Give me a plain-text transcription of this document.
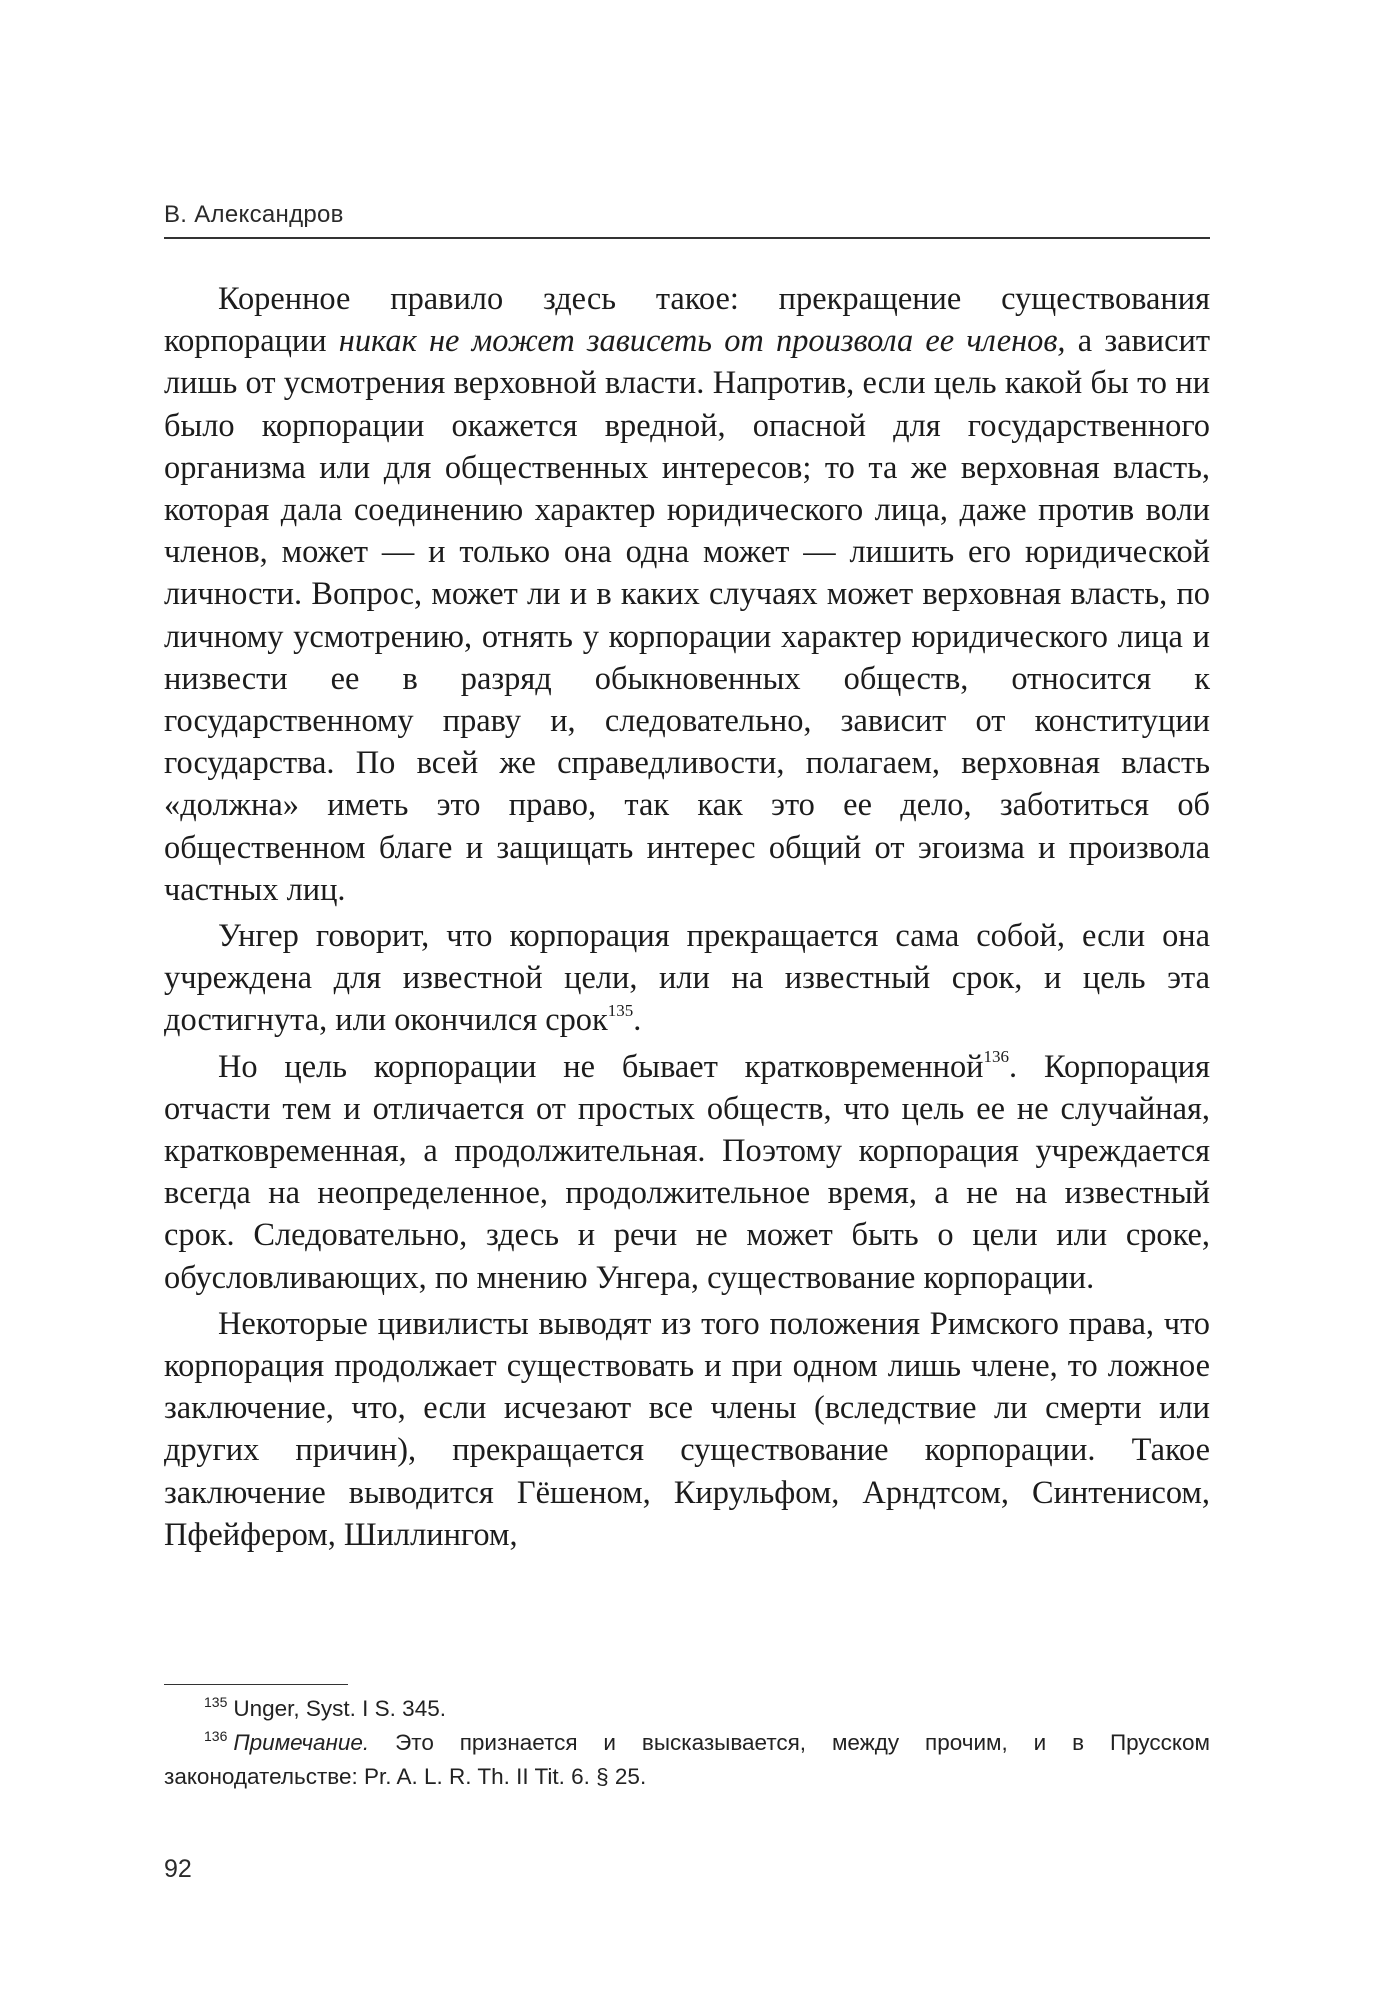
В. Александров

Коренное правило здесь такое: прекращение существования корпорации никак не может зависеть от произвола ее членов, а зависит лишь от усмотрения верховной власти. Напротив, если цель какой бы то ни было корпорации окажется вредной, опасной для государственного организма или для общественных интересов; то та же верховная власть, которая дала соединению характер юридического лица, даже против воли членов, может — и только она одна может — лишить его юридической личности. Вопрос, может ли и в каких случаях может верховная власть, по личному усмотрению, отнять у корпорации характер юридического лица и низвести ее в разряд обыкновенных обществ, относится к государственному праву и, следовательно, зависит от конституции государства. По всей же справедливости, полагаем, верховная власть «должна» иметь это право, так как это ее дело, заботиться об общественном благе и защищать интерес общий от эгоизма и произвола частных лиц.

Унгер говорит, что корпорация прекращается сама собой, если она учреждена для известной цели, или на известный срок, и цель эта достигнута, или окончился срок$^{135}$.

Но цель корпорации не бывает кратковременной$^{136}$. Корпорация отчасти тем и отличается от простых обществ, что цель ее не случайная, кратковременная, а продолжительная. Поэтому корпорация учреждается всегда на неопределенное, продолжительное время, а не на известный срок. Следовательно, здесь и речи не может быть о цели или сроке, обусловливающих, по мнению Унгера, существование корпорации.

Некоторые цивилисты выводят из того положения Римского права, что корпорация продолжает существовать и при одном лишь члене, то ложное заключение, что, если исчезают все члены (вследствие ли смерти или других причин), прекращается существование корпорации. Такое заключение выводится Гёшеном, Кирульфом, Арндтсом, Синтенисом, Пфейфером, Шиллингом,

$^{135}$ Unger, Syst. I S. 345.

$^{136}$ Примечание. Это признается и высказывается, между прочим, и в Прусском законодательстве: Pr. A. L. R. Th. II Tit. 6. § 25.

92
